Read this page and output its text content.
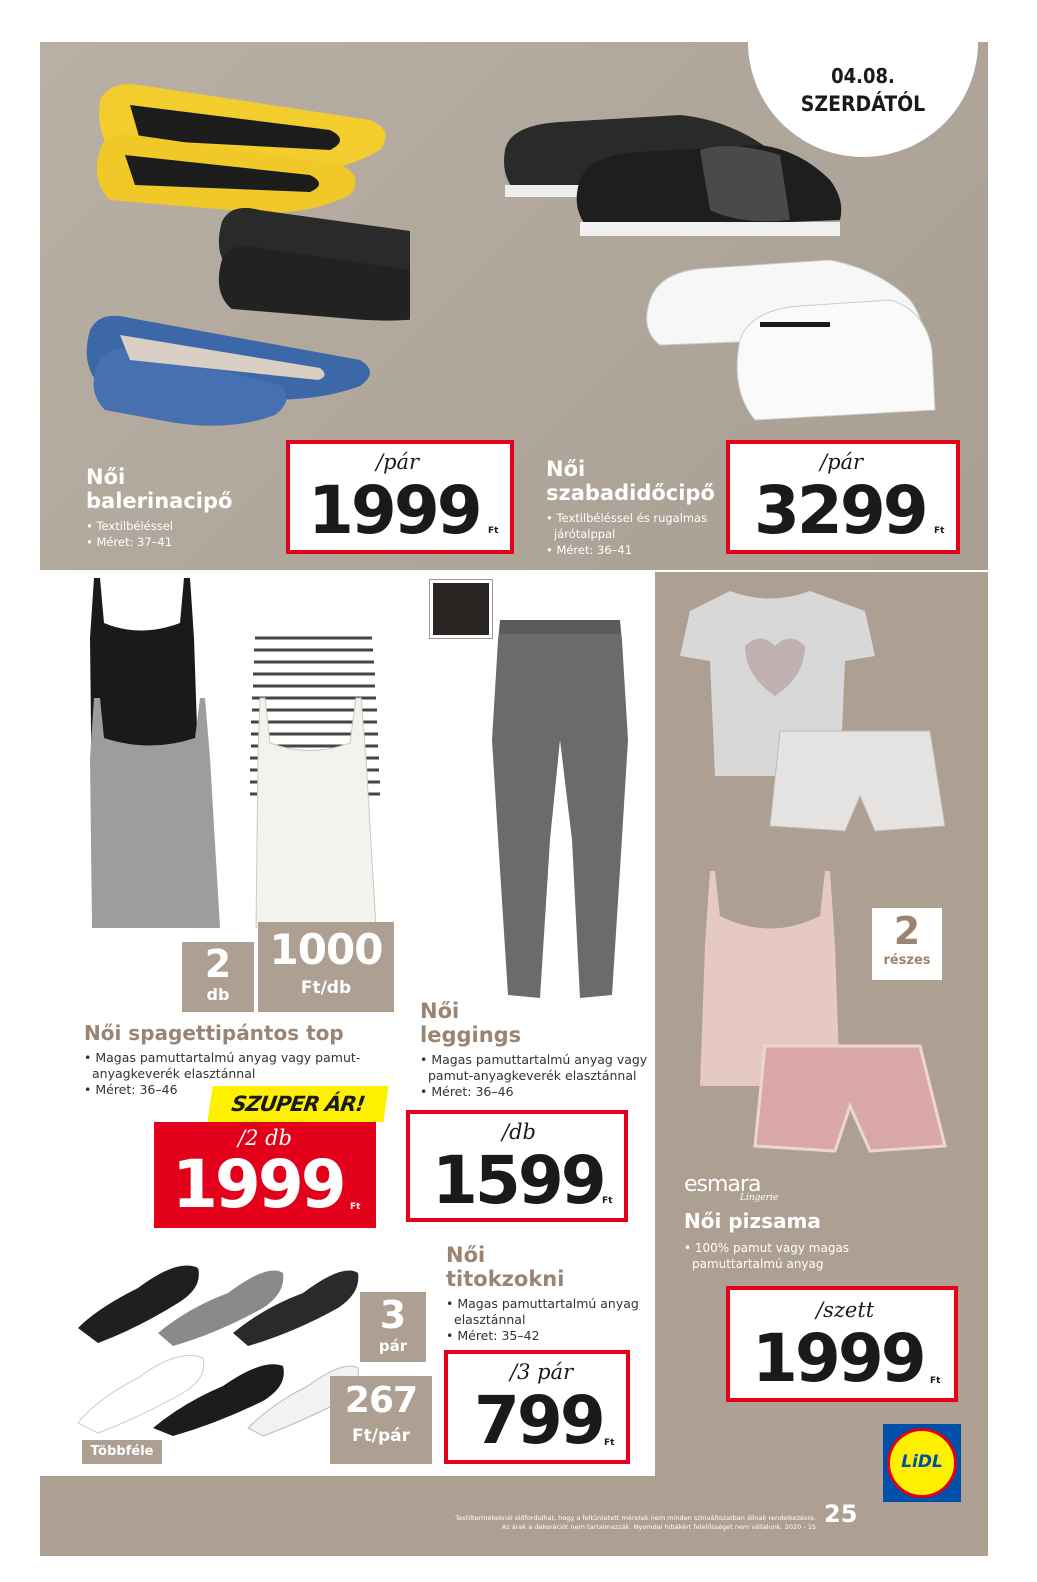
04.08.
SZERDÁTÓL
Női
balerinacipő
• Textilbéléssel
• Méret: 37–41
/pár
1999 Ft
Női
szabadidőcipő
• Textilbéléssel és rugalmas
járótalppal
• Méret: 36–41
/pár
3299 Ft
2
db
1000
Ft/db
Női spagettipántos top
• Magas pamuttartalmú anyag vagy pamut-
anyagkeverék elasztánnal
• Méret: 36–46
SZUPER ÁR!
/2 db
1999 Ft
Női
leggings
• Magas pamuttartalmú anyag vagy
pamut-anyagkeverék elasztánnal
• Méret: 36–46
/db
1599
Ft
2
részes
esmara
Lingerie
Női pizsama
• 100% pamut vagy magas
pamuttartalmú anyag
/szett
1999 Ft
Többféle
3
pár
267
Ft/pár
Női
titokzokni
• Magas pamuttartalmú anyag
elasztánnal
• Méret: 35–42
/3 pár
799 Ft
Textiltermékeknél előfordulhat, hogy a feltüntetett méretek nem minden színváltozatban állnak rendelkezésre.
Az árak a dekorációt nem tartalmazzák. Nyomdai hibákért felelősséget nem vállalunk. 2020 - 15 25
LiDL
